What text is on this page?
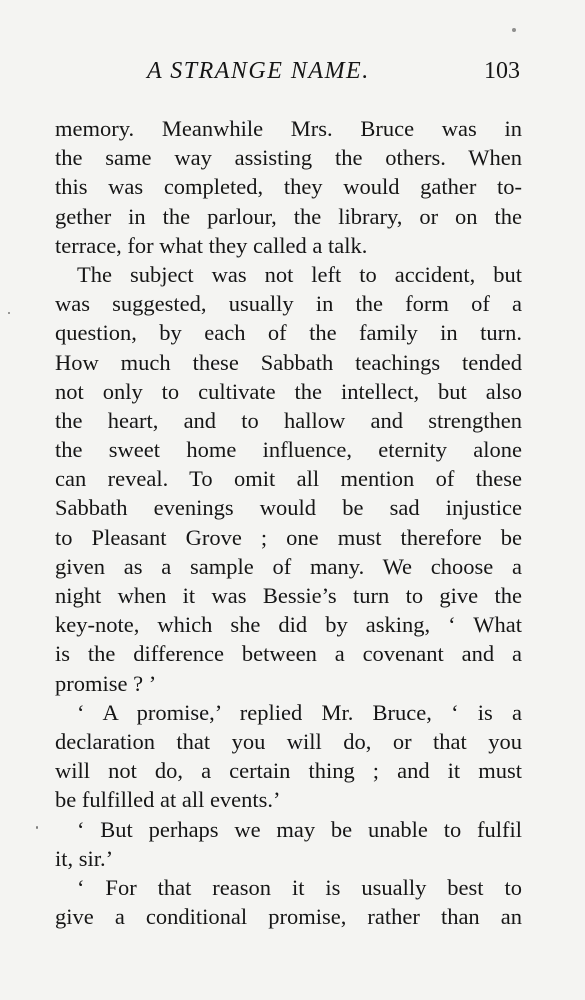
A STRANGE NAME.	103
memory. Meanwhile Mrs. Bruce was in
the same way assisting the others. When
this was completed, they would gather to-
gether in the parlour, the library, or on the
terrace, for what they called a talk.
The subject was not left to accident, but
was suggested, usually in the form of a
question, by each of the family in turn.
How much these Sabbath teachings tended
not only to cultivate the intellect, but also
the heart, and to hallow and strengthen
the sweet home influence, eternity alone
can reveal. To omit all mention of these
Sabbath evenings would be sad injustice
to Pleasant Grove ; one must therefore be
given as a sample of many. We choose a
night when it was Bessie’s turn to give the
key-note, which she did by asking, ‘ What
is the difference between a covenant and a
promise ? ’
‘ A promise,’ replied Mr. Bruce, ‘ is a
declaration that you will do, or that you
will not do, a certain thing ; and it must
be fulfilled at all events.’
‘ But perhaps we may be unable to fulfil
it, sir.’
‘ For that reason it is usually best to
give a conditional promise, rather than an
